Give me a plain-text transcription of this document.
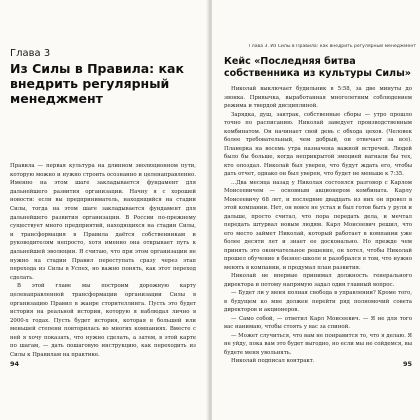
Глава 3
Из Силы в Правила: как внедрить регулярный менеджмент

Правила — первая культура на длинном эволюционном пути, которую можно и нужно строить осознанно и целенаправленно. Именно на этом шаге закладывается фундамент для дальнейшего развития организации. Начну я с хорошей новости: если вы предприниматель, находящийся на стадии Силы, тогда на этом шаге закладывается фундамент для дальнейшего развития организации. В России по-прежнему существует много предприятий, находящихся на стадии Силы, и трансформация в Правила даётся собственникам и руководителям непросто, хотя именно она открывает путь к дальнейшей эволюции. Я считаю, что при этом организации не нужно на стадии Правил переступать сразу через этап перехода из Силы в Успех, но важно понять, как этот переход сделать.

В этой главе мы построим дорожную карту целенаправленной трансформации организации Силы в организацию Правил в жанре сторителлинга. Пусть это будет история на реальной истории, которую я наблюдал лично в 2000-х годах. Пусть будет история, которая в большей или меньшей степени повторилась во многих компаниях. Вместе с ней я хочу показать, что нужно сделать, а затем, в этой карте по шагам, — дать пошаговую инструкцию, как переходить из Силы к Правилам на практике.

94
Глава 3. Из Силы в Правила: как внедрить регулярный менеджмент
Кейс «Последняя битва собственника из культуры Силы»

Николай выключает будильник в 5:58, за две минуты до звонка. Привычка, выработанная многолетним соблюдением режима и твердой дисциплиной.

Зарядка, душ, завтрак, собственные сборы — утро прошло точно по расписанию. Николай заведует производственным комбинатом. Он начинает свой день с обхода цехов. (Человек более требовательный, чем добрый, он отвечает за все). Планерка на восемь утра назначена важной встречей. Людей было бы больше, когда неприкрытой эмоцией нагнали бы тех, кто опоздал. Николай был уверен, что будут ждать его, чтобы дать отчет, однако он был уверен, что будет не меньше к 7:35.

...Два месяца назад у Николая состоялся разговор с Карлом Моисеевичем — основным акционером комбината. Карлу Моисеевичу 68 лет, и последние двадцать из них он провел в этой компании. Нет, он вовсе не устал и был готов быть у руля и дальше, просто считал, что пора передать дела, и мечтал передать штурвал новым людям. Карл Моисеевич решил, что его место займет Николай, который работает в компании уже более десяти лет и знает ее досконально. Но прежде чем принять это окончательное решение, он хотел, чтобы Николай прошел обучение в бизнес-школе и разобрался в том, что нужно менять в компании, и продумал план развития.

Николай не впервые принимал должность генерального директора и потому напрямую задал один главный вопрос.

— Будет ли у меня полная свобода в управлении? Кроме того, в будущем ко мне должен перейти ряд полномочий совета директоров и акционеров.

— Само собой, — ответил Карл Моисеевич. — Я не для того вас нанимаю, чтобы стоять у вас за спиной.

— Может случиться, что вам не понравится то, что я делаю. Я не уйду, пока вам это будет выгодно, но если мы не сойдемся, вы будете меня увольнять.

Николай подписал контракт.	95
